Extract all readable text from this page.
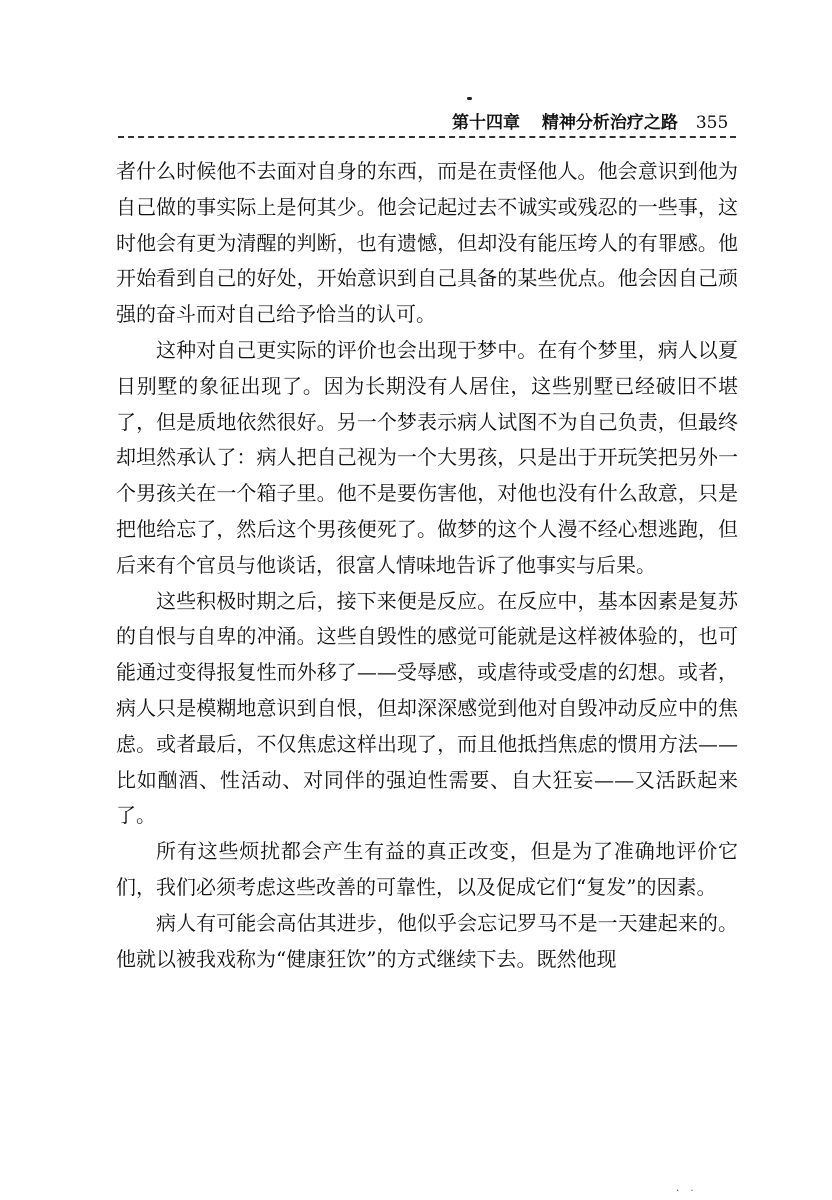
第十四章 精神分析治疗之路 355

者什么时候他不去面对自身的东西，而是在责怪他人。他会意识到他为自己做的事实际上是何其少。他会记起过去不诚实或残忍的一些事，这时他会有更为清醒的判断，也有遗憾，但却没有能压垮人的有罪感。他开始看到自己的好处，开始意识到自己具备的某些优点。他会因自己顽强的奋斗而对自己给予恰当的认可。

这种对自己更实际的评价也会出现于梦中。在有个梦里，病人以夏日别墅的象征出现了。因为长期没有人居住，这些别墅已经破旧不堪了，但是质地依然很好。另一个梦表示病人试图不为自己负责，但最终却坦然承认了：病人把自己视为一个大男孩，只是出于开玩笑把另外一个男孩关在一个箱子里。他不是要伤害他，对他也没有什么敌意，只是把他给忘了，然后这个男孩便死了。做梦的这个人漫不经心想逃跑，但后来有个官员与他谈话，很富人情味地告诉了他事实与后果。

这些积极时期之后，接下来便是反应。在反应中，基本因素是复苏的自恨与自卑的冲涌。这些自毁性的感觉可能就是这样被体验的，也可能通过变得报复性而外移了——受辱感，或虐待或受虐的幻想。或者，病人只是模糊地意识到自恨，但却深深感觉到他对自毁冲动反应中的焦虑。或者最后，不仅焦虑这样出现了，而且他抵挡焦虑的惯用方法——比如酗酒、性活动、对同伴的强迫性需要、自大狂妄——又活跃起来了。

所有这些烦扰都会产生有益的真正改变，但是为了准确地评价它们，我们必须考虑这些改善的可靠性，以及促成它们“复发”的因素。

病人有可能会高估其进步，他似乎会忘记罗马不是一天建起来的。他就以被我戏称为“健康狂饮”的方式继续下去。既然他现

· ·
